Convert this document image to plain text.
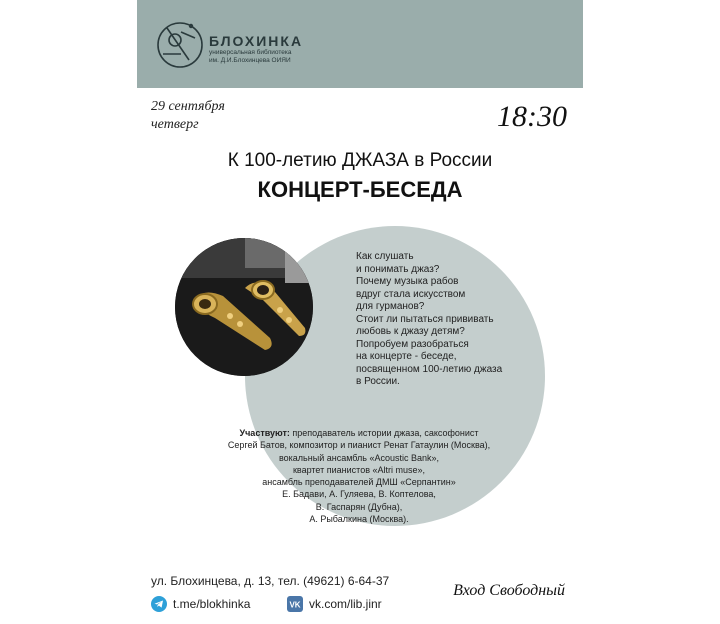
БЛОХИНКА
универсальная библиотека
им. Д.И.Блохинцева ОИЯИ
29 сентября
четверг	18:30
К 100-летию ДЖАЗА в России
КОНЦЕРТ-БЕСЕДА
Как слушать
и понимать джаз?
Почему музыка рабов
вдруг стала искусством
для гурманов?
Стоит ли пытаться прививать
любовь к джазу детям?
Попробуем разобраться
на концерте - беседе,
посвященном 100-летию джаза
в России.
Участвуют: преподаватель истории джаза, саксофонист
Сергей Батов, композитор и пианист Ренат Гатаулин (Москва),
вокальный ансамбль «Acoustic Bank»,
квартет пианистов «Altri muse»,
ансамбль преподавателей ДМШ «Серпантин»
Е. Бадави, А. Гуляева, В. Коптелова,
В. Гаспарян (Дубна),
А. Рыбалкина (Москва).
ул. Блохинцева, д. 13, тел. (49621) 6-64-37
t.me/blokhinka	VK vk.com/lib.jinr
Вход Свободный
